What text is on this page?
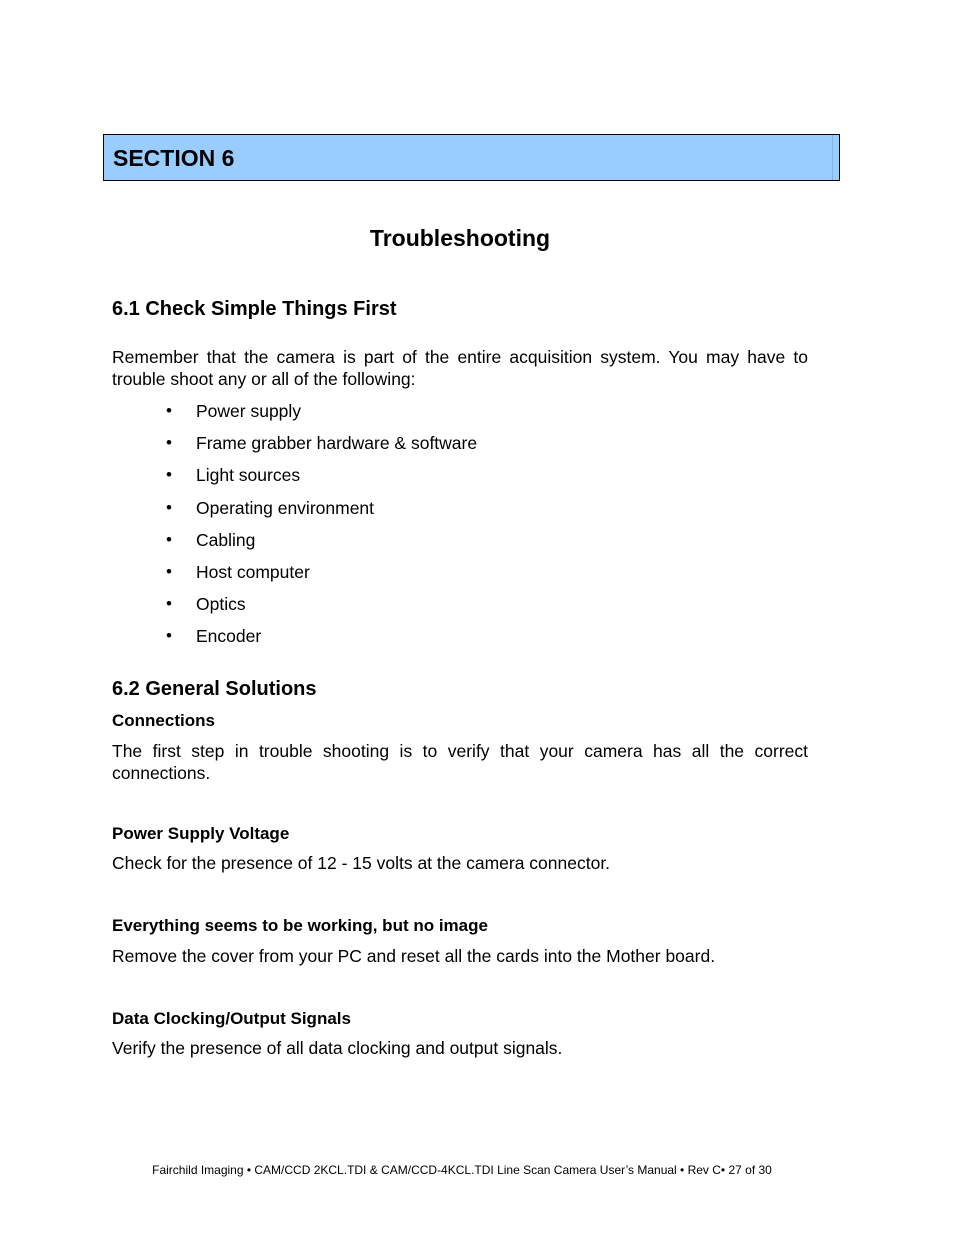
SECTION 6
Troubleshooting
6.1 Check Simple Things First
Remember that the camera is part of the entire acquisition system. You may have to trouble shoot any or all of the following:
• Power supply
• Frame grabber hardware & software
• Light sources
• Operating environment
• Cabling
• Host computer
• Optics
• Encoder
6.2 General Solutions
Connections
The first step in trouble shooting is to verify that your camera has all the correct connections.
Power Supply Voltage
Check for the presence of 12 - 15 volts at the camera connector.
Everything seems to be working, but no image
Remove the cover from your PC and reset all the cards into the Mother board.
Data Clocking/Output Signals
Verify the presence of all data clocking and output signals.
Fairchild Imaging • CAM/CCD 2KCL.TDI & CAM/CCD-4KCL.TDI Line Scan Camera User’s Manual • Rev C• 27 of 30
